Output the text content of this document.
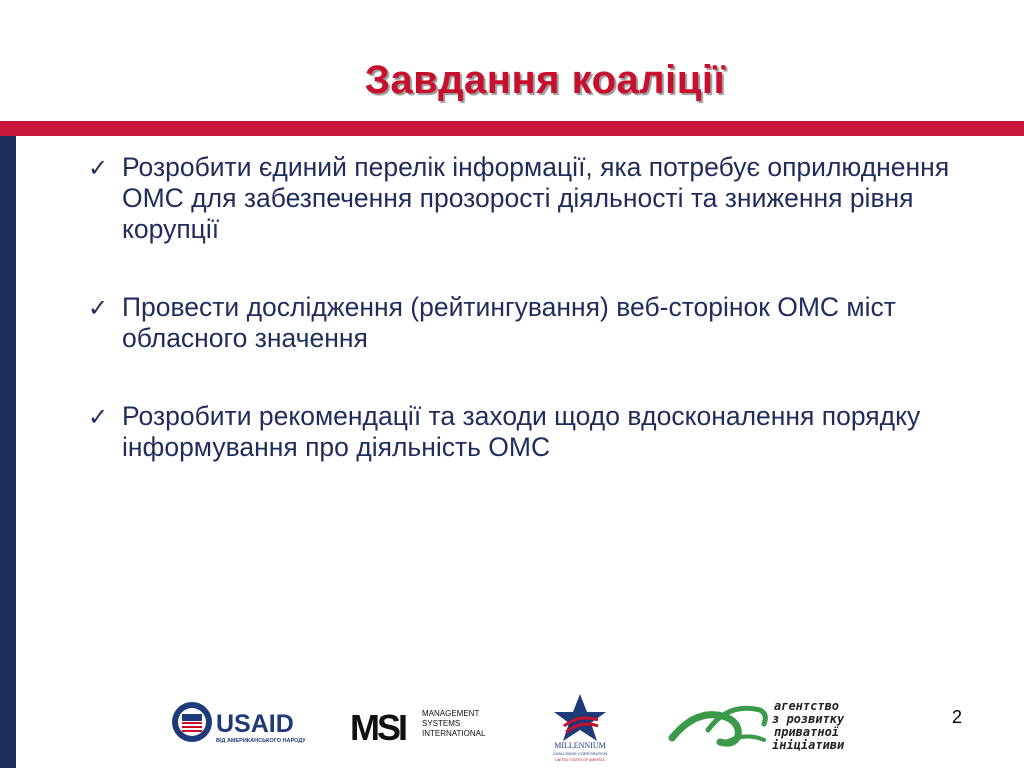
Завдання коаліції
✓ Розробити єдиний перелік інформації, яка потребує оприлюднення ОМС для забезпечення прозорості діяльності та зниження рівня корупції
✓ Провести дослідження (рейтингування) веб-сторінок ОМС міст обласного значення
✓ Розробити рекомендації та заходи щодо вдосконалення порядку інформування про діяльність ОМС
USAID
ВІД АМЕРИКАНСЬКОГО НАРОДУ MSI MANAGEMENT
SYSTEMS
INTERNATIONAL
MILLENNIUM
CHALLENGE CORPORATION
UNITED STATES OF AMERICA
агентство
з розвитку
приватної
ініціативи
2
